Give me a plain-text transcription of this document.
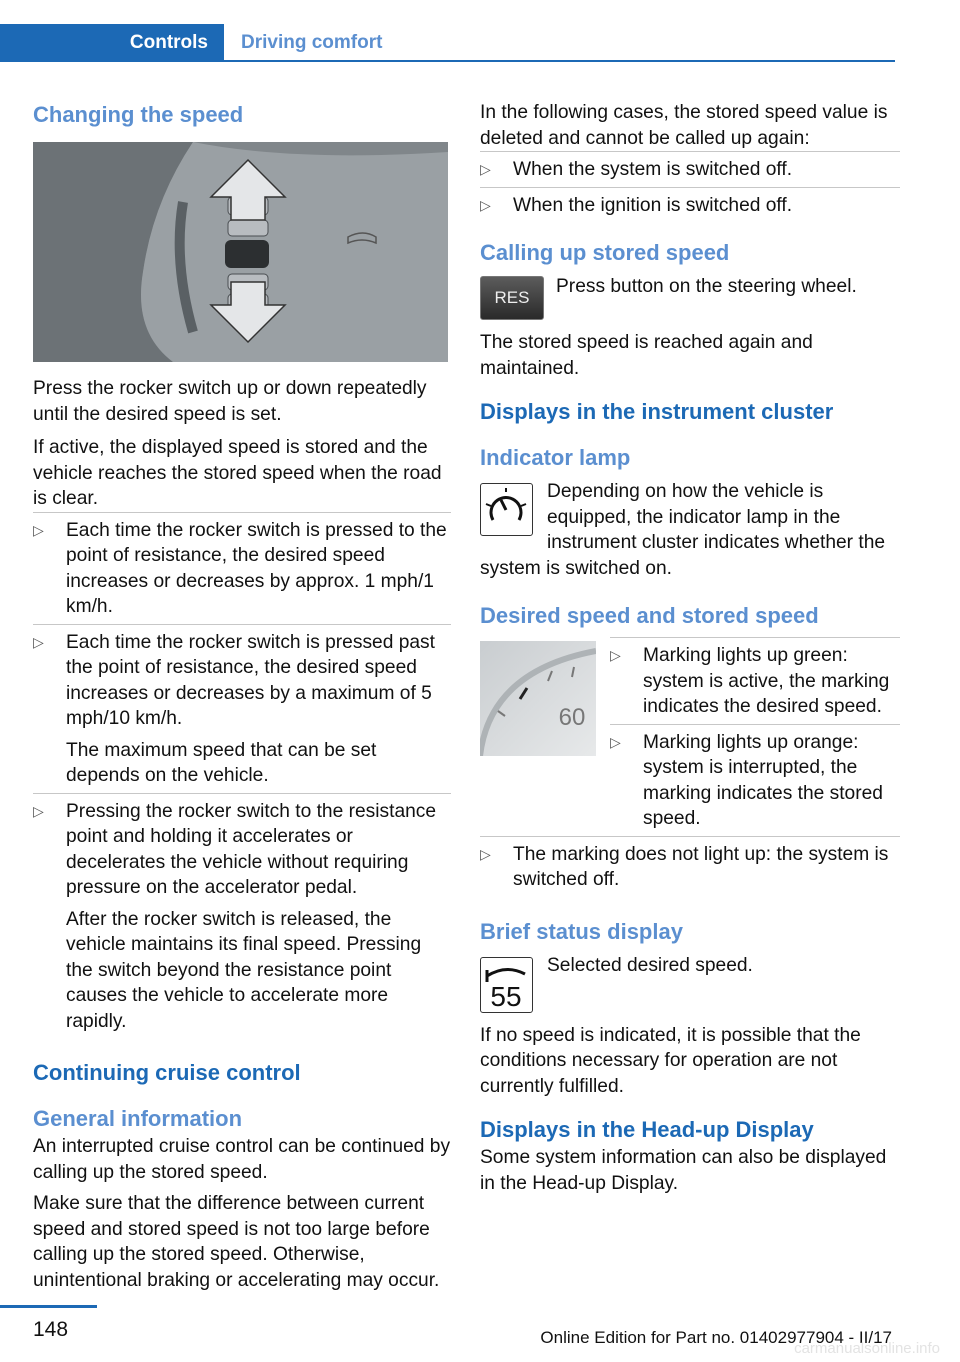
Controls	Driving comfort
Changing the speed

Press the rocker switch up or down repeatedly until the desired speed is set.

If active, the displayed speed is stored and the vehicle reaches the stored speed when the road is clear.

▷ Each time the rocker switch is pressed to the point of resistance, the desired speed increases or decreases by approx. 1 mph/1 km/h.

▷ Each time the rocker switch is pressed past the point of resistance, the desired speed increases or decreases by a maximum of 5 mph/10 km/h.

The maximum speed that can be set depends on the vehicle.

▷ Pressing the rocker switch to the resistance point and holding it accelerates or decelerates the vehicle without requiring pressure on the accelerator pedal.

After the rocker switch is released, the vehicle maintains its final speed. Pressing the switch beyond the resistance point causes the vehicle to accelerate more rapidly.

Continuing cruise control
General information

An interrupted cruise control can be continued by calling up the stored speed.

Make sure that the difference between current speed and stored speed is not too large before calling up the stored speed. Otherwise, unintentional braking or accelerating may occur.

In the following cases, the stored speed value is deleted and cannot be called up again:

▷ When the system is switched off.

▷ When the ignition is switched off.

Calling up stored speed
RES

Press button on the steering wheel.

The stored speed is reached again and maintained.

Displays in the instrument cluster
Indicator lamp

Depending on how the vehicle is equipped, the indicator lamp in the instrument cluster indicates whether the system is switched on.

Desired speed and stored speed
60
▷ Marking lights up green: system is active, the marking indicates the desired speed.

▷ Marking lights up orange: system is interrupted, the marking indicates the stored speed.

▷ The marking does not light up: the system is switched off.

Brief status display
55

Selected desired speed.

If no speed is indicated, it is possible that the conditions necessary for operation are not currently fulfilled.

Displays in the Head-up Display

Some system information can also be displayed in the Head-up Display.

148	Online Edition for Part no. 01402977904 - II/17
carmanualsonline.info
